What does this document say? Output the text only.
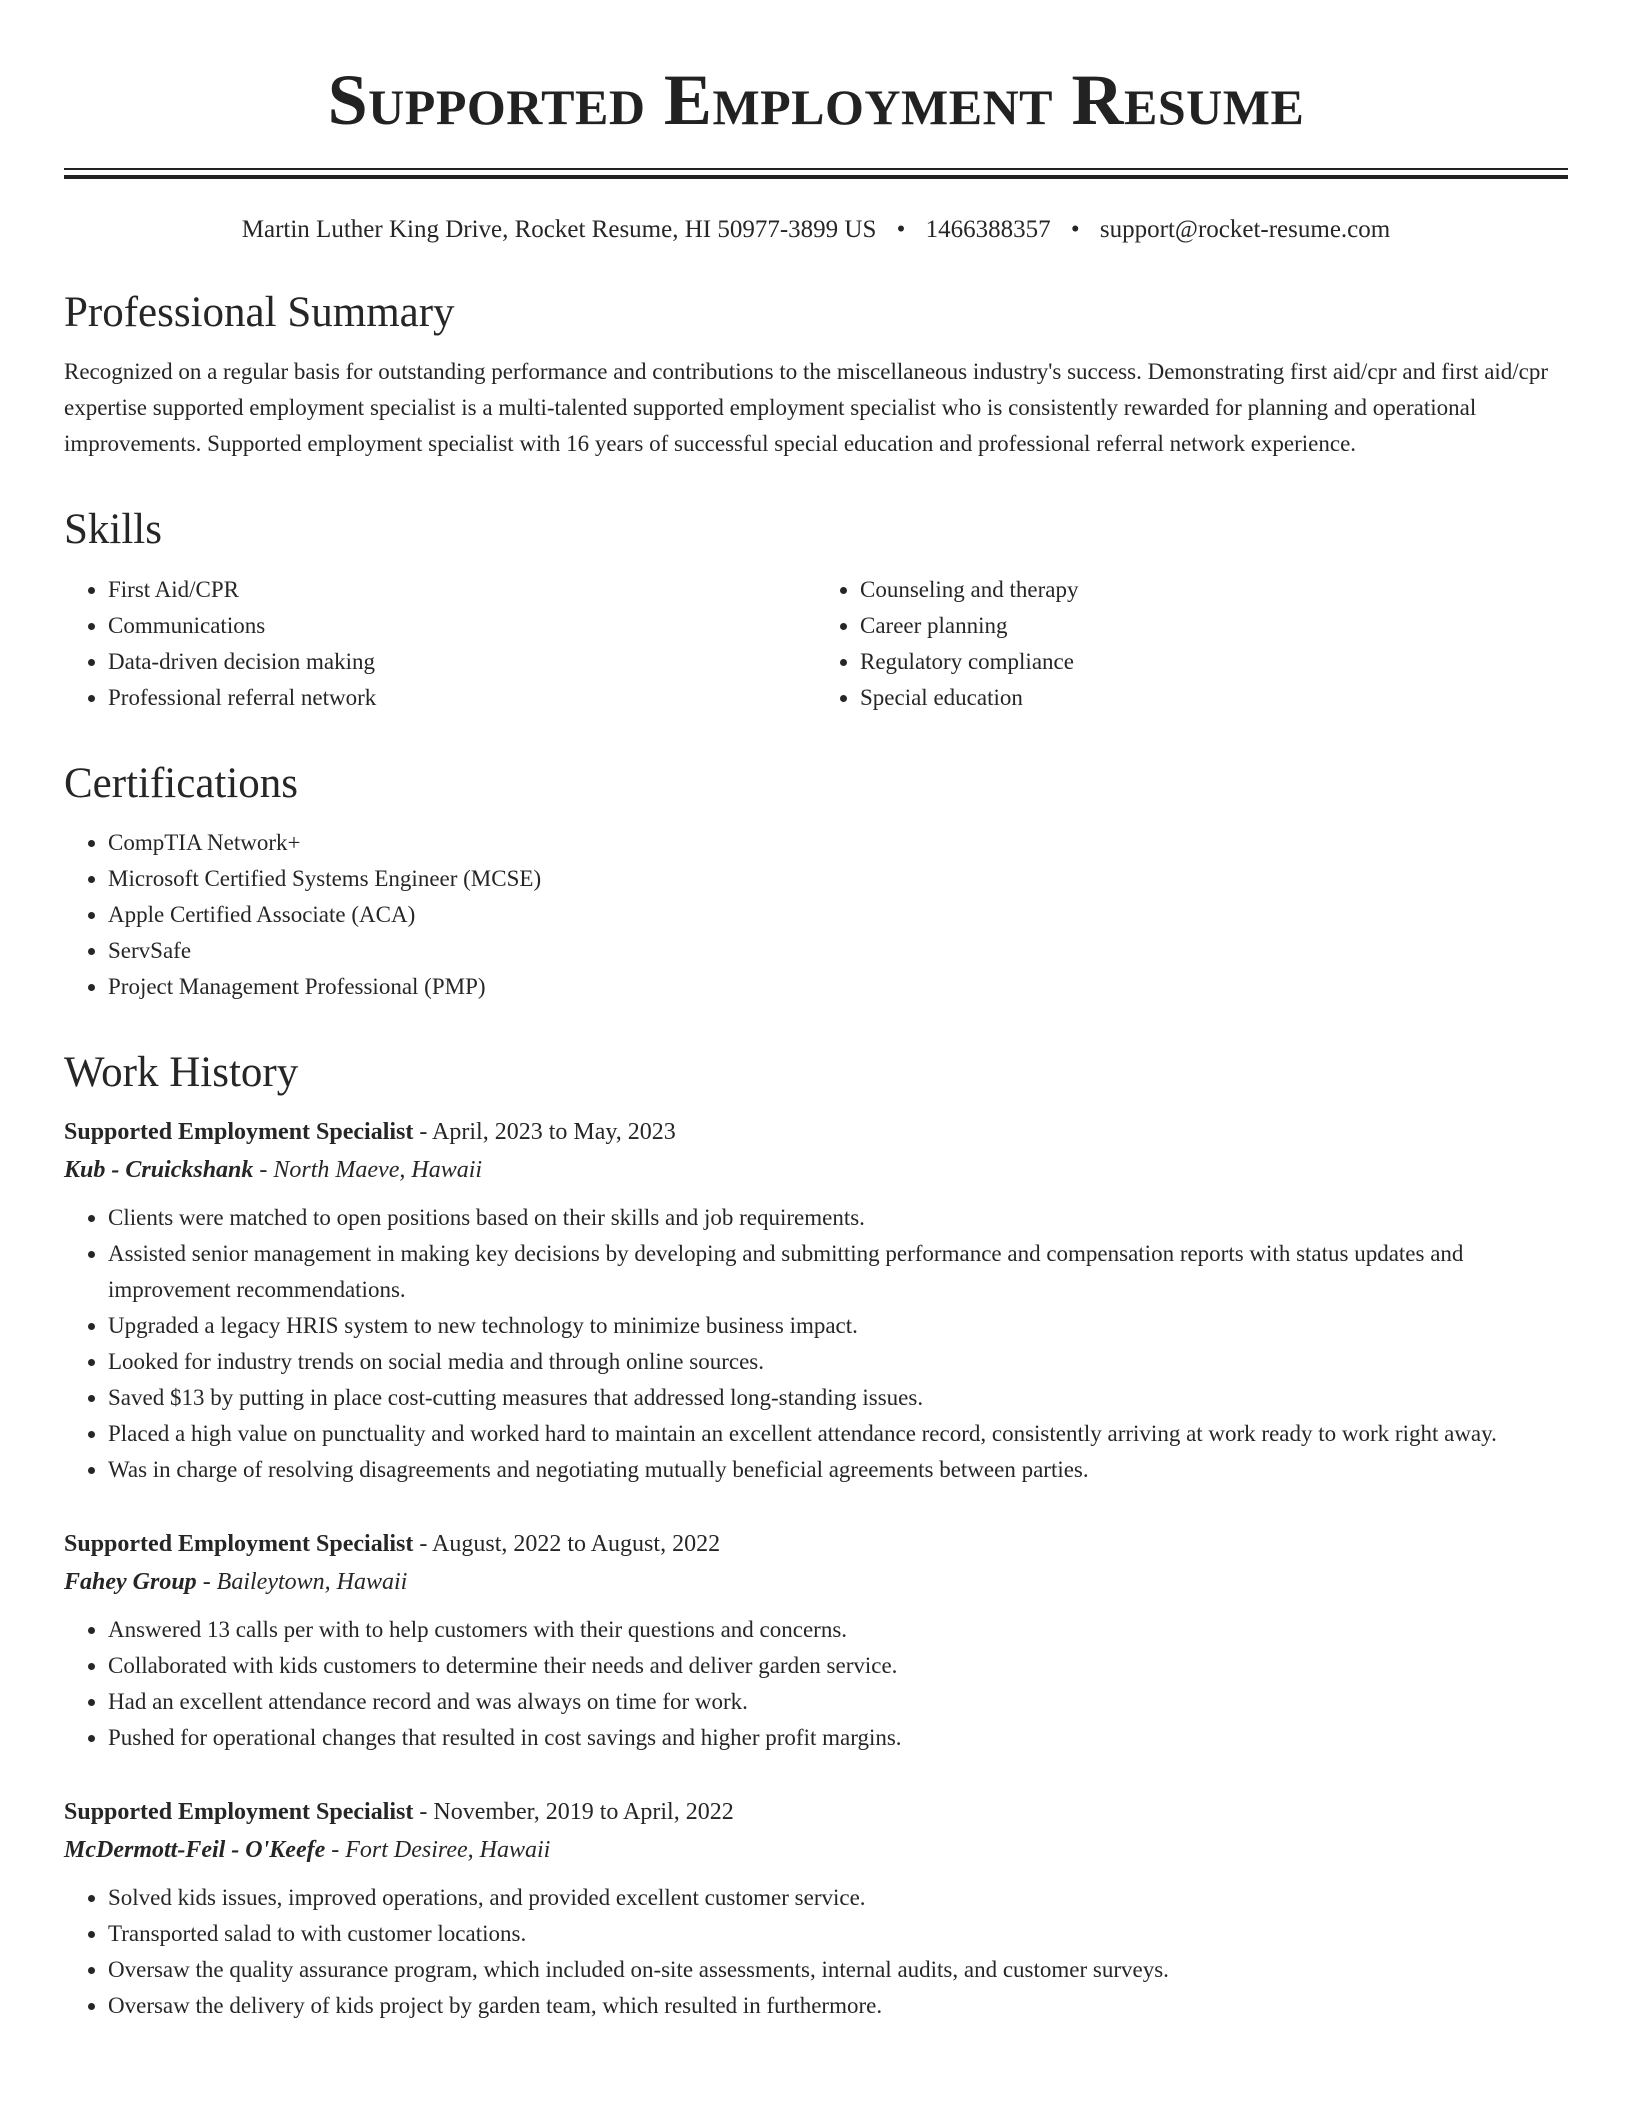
Supported Employment Resume
Martin Luther King Drive, Rocket Resume, HI 50977-3899 US • 1466388357 • support@rocket-resume.com
Professional Summary

Recognized on a regular basis for outstanding performance and contributions to the miscellaneous industry's success. Demonstrating first aid/cpr and first aid/cpr expertise supported employment specialist is a multi-talented supported employment specialist who is consistently rewarded for planning and operational improvements. Supported employment specialist with 16 years of successful special education and professional referral network experience.

Skills
• First Aid/CPR
• Communications
• Data-driven decision making
• Professional referral network
• Counseling and therapy
• Career planning
• Regulatory compliance
• Special education
Certifications
• CompTIA Network+
• Microsoft Certified Systems Engineer (MCSE)
• Apple Certified Associate (ACA)
• ServSafe
• Project Management Professional (PMP)
Work History
Supported Employment Specialist - April, 2023 to May, 2023
Kub - Cruickshank - North Maeve, Hawaii
• Clients were matched to open positions based on their skills and job requirements.
• Assisted senior management in making key decisions by developing and submitting performance and compensation reports with status updates and improvement recommendations.
• Upgraded a legacy HRIS system to new technology to minimize business impact.
• Looked for industry trends on social media and through online sources.
• Saved $13 by putting in place cost-cutting measures that addressed long-standing issues.
• Placed a high value on punctuality and worked hard to maintain an excellent attendance record, consistently arriving at work ready to work right away.
• Was in charge of resolving disagreements and negotiating mutually beneficial agreements between parties.
Supported Employment Specialist - August, 2022 to August, 2022
Fahey Group - Baileytown, Hawaii
• Answered 13 calls per with to help customers with their questions and concerns.
• Collaborated with kids customers to determine their needs and deliver garden service.
• Had an excellent attendance record and was always on time for work.
• Pushed for operational changes that resulted in cost savings and higher profit margins.
Supported Employment Specialist - November, 2019 to April, 2022
McDermott-Feil - O'Keefe - Fort Desiree, Hawaii
• Solved kids issues, improved operations, and provided excellent customer service.
• Transported salad to with customer locations.
• Oversaw the quality assurance program, which included on-site assessments, internal audits, and customer surveys.
• Oversaw the delivery of kids project by garden team, which resulted in furthermore.
